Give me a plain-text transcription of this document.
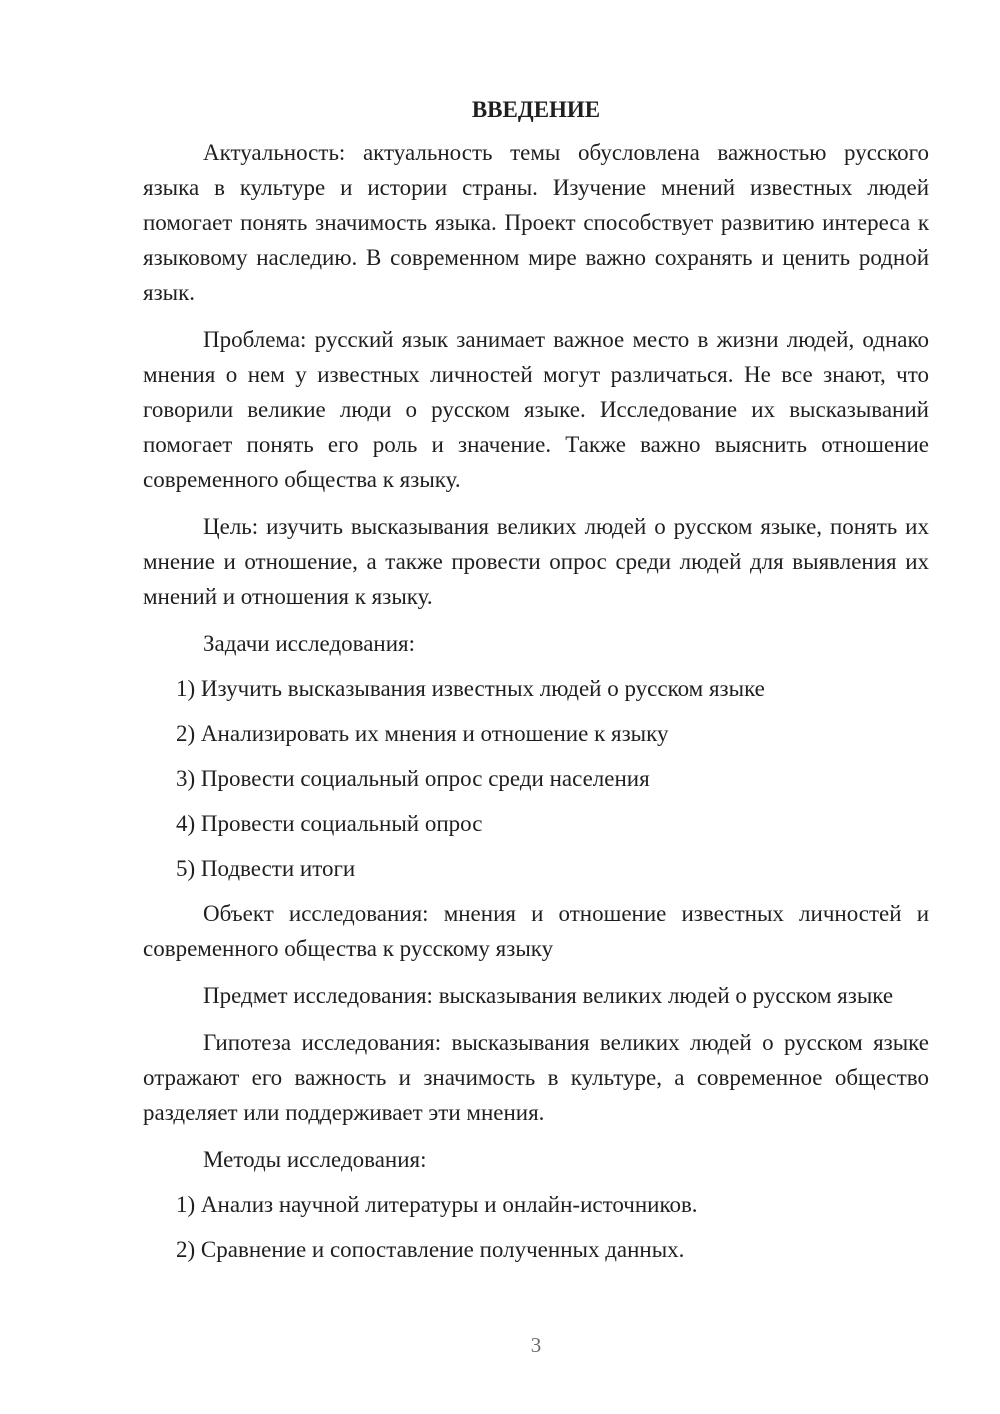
ВВЕДЕНИЕ

Актуальность: актуальность темы обусловлена важностью русского языка в культуре и истории страны. Изучение мнений известных людей помогает понять значимость языка. Проект способствует развитию интереса к языковому наследию. В современном мире важно сохранять и ценить родной язык.

Проблема: русский язык занимает важное место в жизни людей, однако мнения о нем у известных личностей могут различаться. Не все знают, что говорили великие люди о русском языке. Исследование их высказываний помогает понять его роль и значение. Также важно выяснить отношение современного общества к языку.

Цель: изучить высказывания великих людей о русском языке, понять их мнение и отношение, а также провести опрос среди людей для выявления их мнений и отношения к языку.

Задачи исследования:

1) Изучить высказывания известных людей о русском языке
2) Анализировать их мнения и отношение к языку
3) Провести социальный опрос среди населения
4) Провести социальный опрос
5) Подвести итоги

Объект исследования: мнения и отношение известных личностей и современного общества к русскому языку

Предмет исследования: высказывания великих людей о русском языке

Гипотеза исследования: высказывания великих людей о русском языке отражают его важность и значимость в культуре, а современное общество разделяет или поддерживает эти мнения.

Методы исследования:

1) Анализ научной литературы и онлайн-источников.
2) Сравнение и сопоставление полученных данных.
3
